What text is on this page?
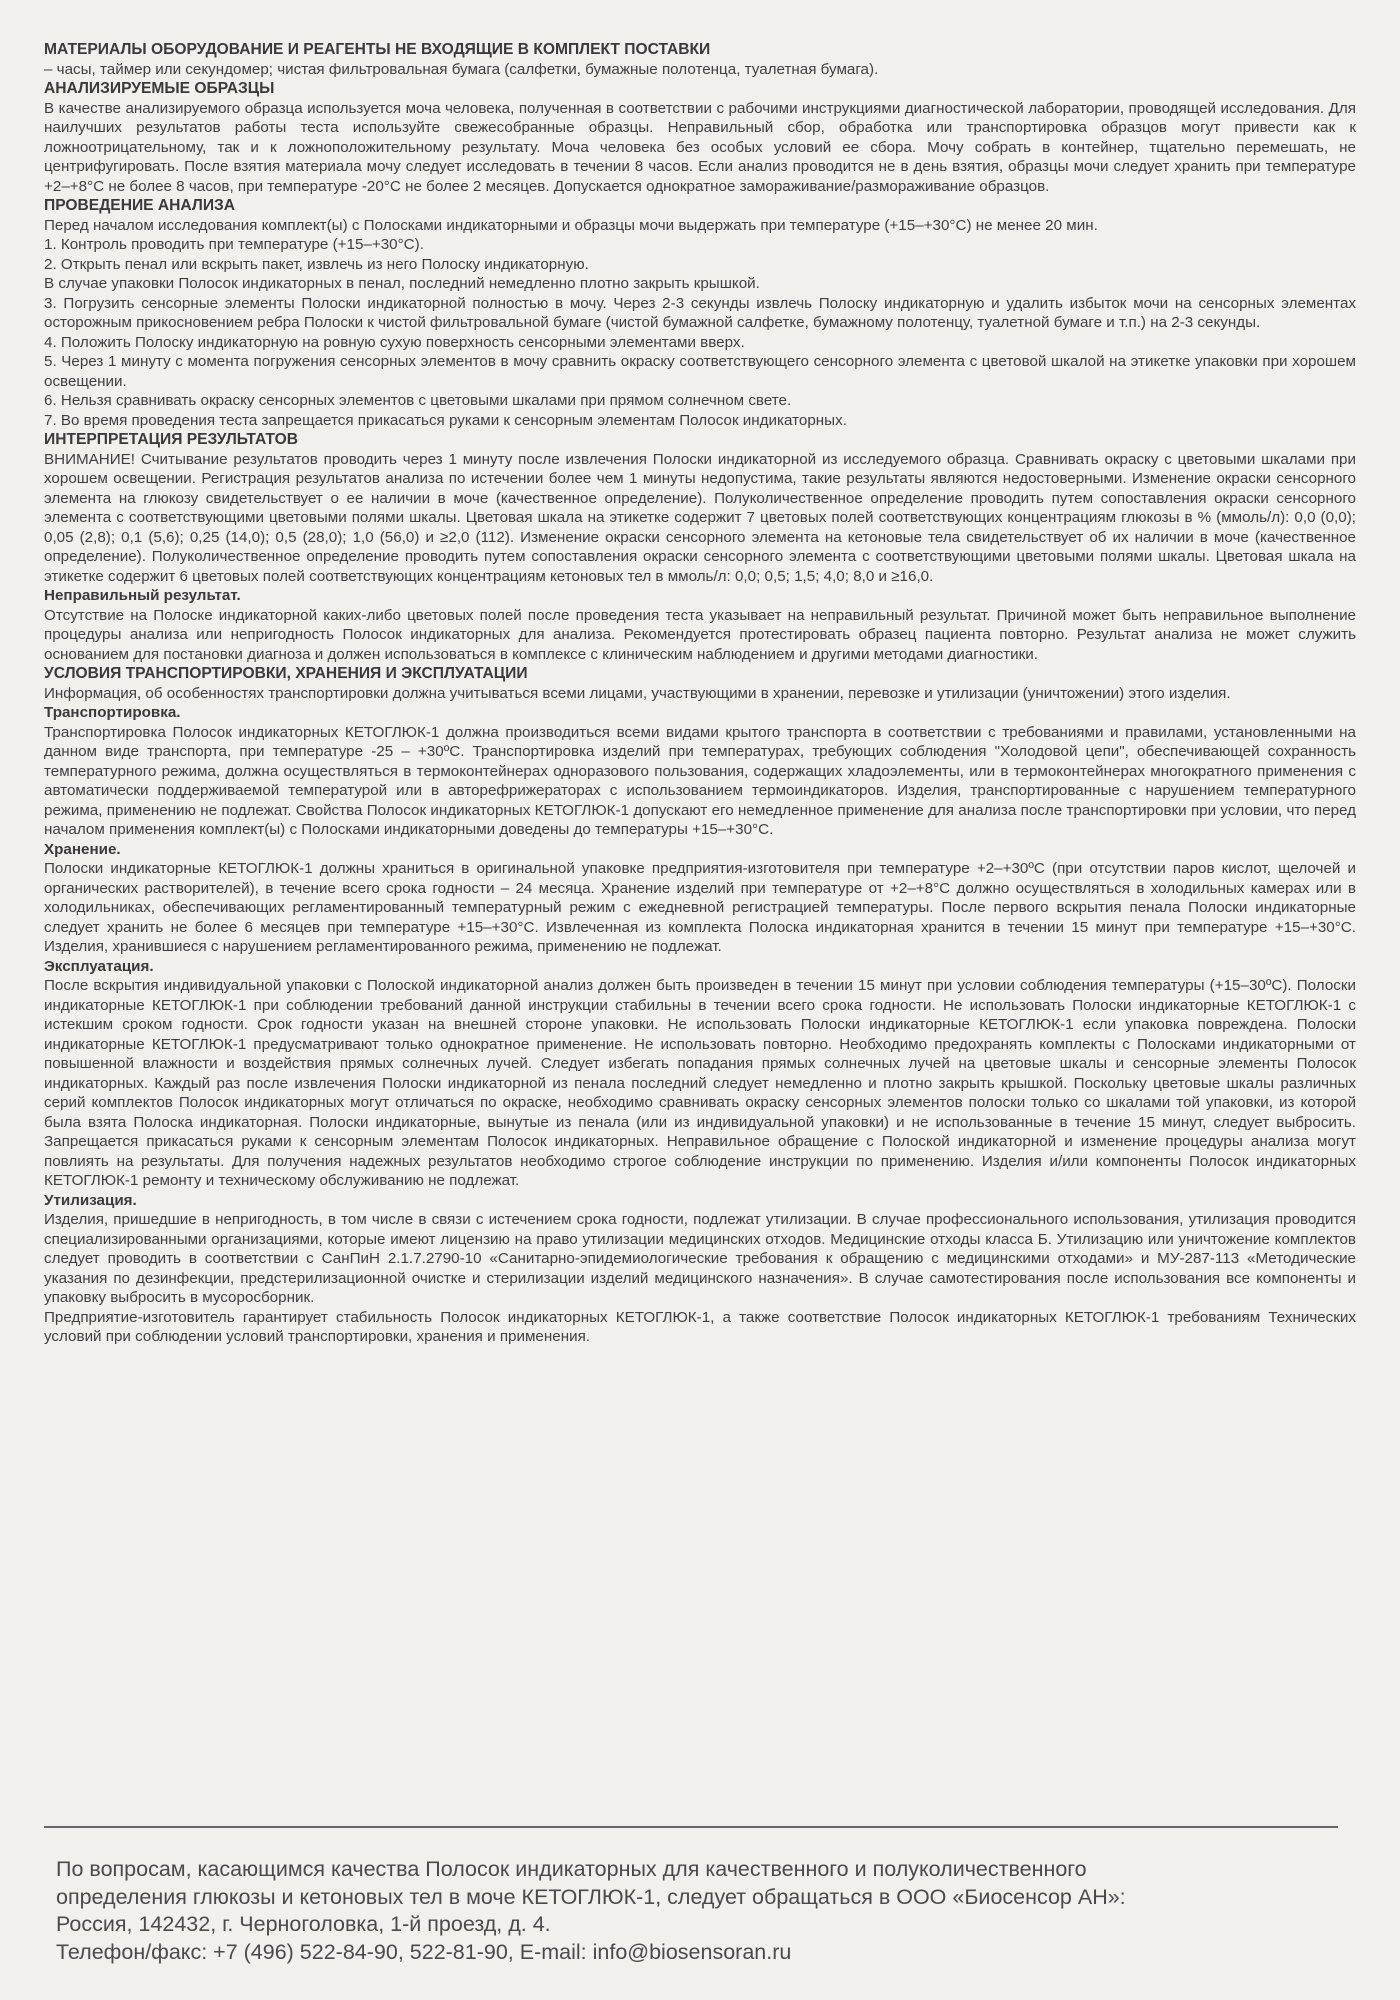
МАТЕРИАЛЫ ОБОРУДОВАНИЕ И РЕАГЕНТЫ НЕ ВХОДЯЩИЕ В КОМПЛЕКТ ПОСТАВКИ

– часы, таймер или секундомер; чистая фильтровальная бумага (салфетки, бумажные полотенца, туалетная бумага).

АНАЛИЗИРУЕМЫЕ ОБРАЗЦЫ

В качестве анализируемого образца используется моча человека, полученная в соответствии с рабочими инструкциями диагностической лаборатории, проводящей исследования. Для наилучших результатов работы теста используйте свежесобранные образцы. Неправильный сбор, обработка или транспортировка образцов могут привести как к ложноотрицательному, так и к ложноположительному результату. Моча человека без особых условий ее сбора. Мочу собрать в контейнер, тщательно перемешать, не центрифугировать. После взятия материала мочу следует исследовать в течении 8 часов. Если анализ проводится не в день взятия, образцы мочи следует хранить при температуре +2–+8°С не более 8 часов, при температуре -20°С не более 2 месяцев. Допускается однократное замораживание/размораживание образцов.

ПРОВЕДЕНИЕ АНАЛИЗА

Перед началом исследования комплект(ы) с Полосками индикаторными и образцы мочи выдержать при температуре (+15–+30°С) не менее 20 мин.

1. Контроль проводить при температуре (+15–+30°С).

2. Открыть пенал или вскрыть пакет, извлечь из него Полоску индикаторную.

В случае упаковки Полосок индикаторных в пенал, последний немедленно плотно закрыть крышкой.

3. Погрузить сенсорные элементы Полоски индикаторной полностью в мочу. Через 2-3 секунды извлечь Полоску индикаторную и удалить избыток мочи на сенсорных элементах осторожным прикосновением ребра Полоски к чистой фильтровальной бумаге (чистой бумажной салфетке, бумажному полотенцу, туалетной бумаге и т.п.) на 2-3 секунды.

4. Положить Полоску индикаторную на ровную сухую поверхность сенсорными элементами вверх.

5. Через 1 минуту с момента погружения сенсорных элементов в мочу сравнить окраску соответствующего сенсорного элемента с цветовой шкалой на этикетке упаковки при хорошем освещении.

6. Нельзя сравнивать окраску сенсорных элементов с цветовыми шкалами при прямом солнечном свете.

7. Во время проведения теста запрещается прикасаться руками к сенсорным элементам Полосок индикаторных.

ИНТЕРПРЕТАЦИЯ РЕЗУЛЬТАТОВ

ВНИМАНИЕ! Считывание результатов проводить через 1 минуту после извлечения Полоски индикаторной из исследуемого образца. Сравнивать окраску с цветовыми шкалами при хорошем освещении. Регистрация результатов анализа по истечении более чем 1 минуты недопустима, такие результаты являются недостоверными. Изменение окраски сенсорного элемента на глюкозу свидетельствует о ее наличии в моче (качественное определение). Полуколичественное определение проводить путем сопоставления окраски сенсорного элемента с соответствующими цветовыми полями шкалы. Цветовая шкала на этикетке содержит 7 цветовых полей соответствующих концентрациям глюкозы в % (ммоль/л): 0,0 (0,0); 0,05 (2,8); 0,1 (5,6); 0,25 (14,0); 0,5 (28,0); 1,0 (56,0) и ≥2,0 (112). Изменение окраски сенсорного элемента на кетоновые тела свидетельствует об их наличии в моче (качественное определение). Полуколичественное определение проводить путем сопоставления окраски сенсорного элемента с соответствующими цветовыми полями шкалы. Цветовая шкала на этикетке содержит 6 цветовых полей соответствующих концентрациям кетоновых тел в ммоль/л: 0,0; 0,5; 1,5; 4,0; 8,0 и ≥16,0.

Неправильный результат.

Отсутствие на Полоске индикаторной каких-либо цветовых полей после проведения теста указывает на неправильный результат. Причиной может быть неправильное выполнение процедуры анализа или непригодность Полосок индикаторных для анализа. Рекомендуется протестировать образец пациента повторно. Результат анализа не может служить основанием для постановки диагноза и должен использоваться в комплексе с клиническим наблюдением и другими методами диагностики.

УСЛОВИЯ ТРАНСПОРТИРОВКИ, ХРАНЕНИЯ И ЭКСПЛУАТАЦИИ

Информация, об особенностях транспортировки должна учитываться всеми лицами, участвующими в хранении, перевозке и утилизации (уничтожении) этого изделия.

Транспортировка.

Транспортировка Полосок индикаторных КЕТОГЛЮК-1 должна производиться всеми видами крытого транспорта в соответствии с требованиями и правилами, установленными на данном виде транспорта, при температуре -25 – +30ºС. Транспортировка изделий при температурах, требующих соблюдения "Холодовой цепи", обеспечивающей сохранность температурного режима, должна осуществляться в термоконтейнерах одноразового пользования, содержащих хладоэлементы, или в термоконтейнерах многократного применения с автоматически поддерживаемой температурой или в авторефрижераторах с использованием термоиндикаторов. Изделия, транспортированные с нарушением температурного режима, применению не подлежат. Свойства Полосок индикаторных КЕТОГЛЮК-1 допускают его немедленное применение для анализа после транспортировки при условии, что перед началом применения комплект(ы) с Полосками индикаторными доведены до температуры +15–+30°С.

Хранение.

Полоски индикаторные КЕТОГЛЮК-1 должны храниться в оригинальной упаковке предприятия-изготовителя при температуре +2–+30ºС (при отсутствии паров кислот, щелочей и органических растворителей), в течение всего срока годности – 24 месяца. Хранение изделий при температуре от +2–+8°С должно осуществляться в холодильных камерах или в холодильниках, обеспечивающих регламентированный температурный режим с ежедневной регистрацией температуры. После первого вскрытия пенала Полоски индикаторные следует хранить не более 6 месяцев при температуре +15–+30°С. Извлеченная из комплекта Полоска индикаторная хранится в течении 15 минут при температуре +15–+30°С. Изделия, хранившиеся с нарушением регламентированного режима, применению не подлежат.

Эксплуатация.

После вскрытия индивидуальной упаковки с Полоской индикаторной анализ должен быть произведен в течении 15 минут при условии соблюдения температуры (+15–30ºС). Полоски индикаторные КЕТОГЛЮК-1 при соблюдении требований данной инструкции стабильны в течении всего срока годности. Не использовать Полоски индикаторные КЕТОГЛЮК-1 с истекшим сроком годности. Срок годности указан на внешней стороне упаковки. Не использовать Полоски индикаторные КЕТОГЛЮК-1 если упаковка повреждена. Полоски индикаторные КЕТОГЛЮК-1 предусматривают только однократное применение. Не использовать повторно. Необходимо предохранять комплекты с Полосками индикаторными от повышенной влажности и воздействия прямых солнечных лучей. Следует избегать попадания прямых солнечных лучей на цветовые шкалы и сенсорные элементы Полосок индикаторных. Каждый раз после извлечения Полоски индикаторной из пенала последний следует немедленно и плотно закрыть крышкой. Поскольку цветовые шкалы различных серий комплектов Полосок индикаторных могут отличаться по окраске, необходимо сравнивать окраску сенсорных элементов полоски только со шкалами той упаковки, из которой была взята Полоска индикаторная. Полоски индикаторные, вынутые из пенала (или из индивидуальной упаковки) и не использованные в течение 15 минут, следует выбросить. Запрещается прикасаться руками к сенсорным элементам Полосок индикаторных. Неправильное обращение с Полоской индикаторной и изменение процедуры анализа могут повлиять на результаты. Для получения надежных результатов необходимо строгое соблюдение инструкции по применению. Изделия и/или компоненты Полосок индикаторных КЕТОГЛЮК-1 ремонту и техническому обслуживанию не подлежат.

Утилизация.

Изделия, пришедшие в непригодность, в том числе в связи с истечением срока годности, подлежат утилизации. В случае профессионального использования, утилизация проводится специализированными организациями, которые имеют лицензию на право утилизации медицинских отходов. Медицинские отходы класса Б. Утилизацию или уничтожение комплектов следует проводить в соответствии с СанПиН 2.1.7.2790-10 «Санитарно-эпидемиологические требования к обращению с медицинскими отходами» и МУ-287-113 «Методические указания по дезинфекции, предстерилизационной очистке и стерилизации изделий медицинского назначения». В случае самотестирования после использования все компоненты и упаковку выбросить в мусоросборник.

Предприятие-изготовитель гарантирует стабильность Полосок индикаторных КЕТОГЛЮК-1, а также соответствие Полосок индикаторных КЕТОГЛЮК-1 требованиям Технических условий при соблюдении условий транспортировки, хранения и применения.

По вопросам, касающимся качества Полосок индикаторных для качественного и полуколичественного

определения глюкозы и кетоновых тел в моче КЕТОГЛЮК-1, следует обращаться в ООО «Биосенсор АН»:

Россия, 142432, г. Черноголовка, 1-й проезд, д. 4.

Телефон/факс: +7 (496) 522-84-90, 522-81-90, E-mail: info@biosensoran.ru
